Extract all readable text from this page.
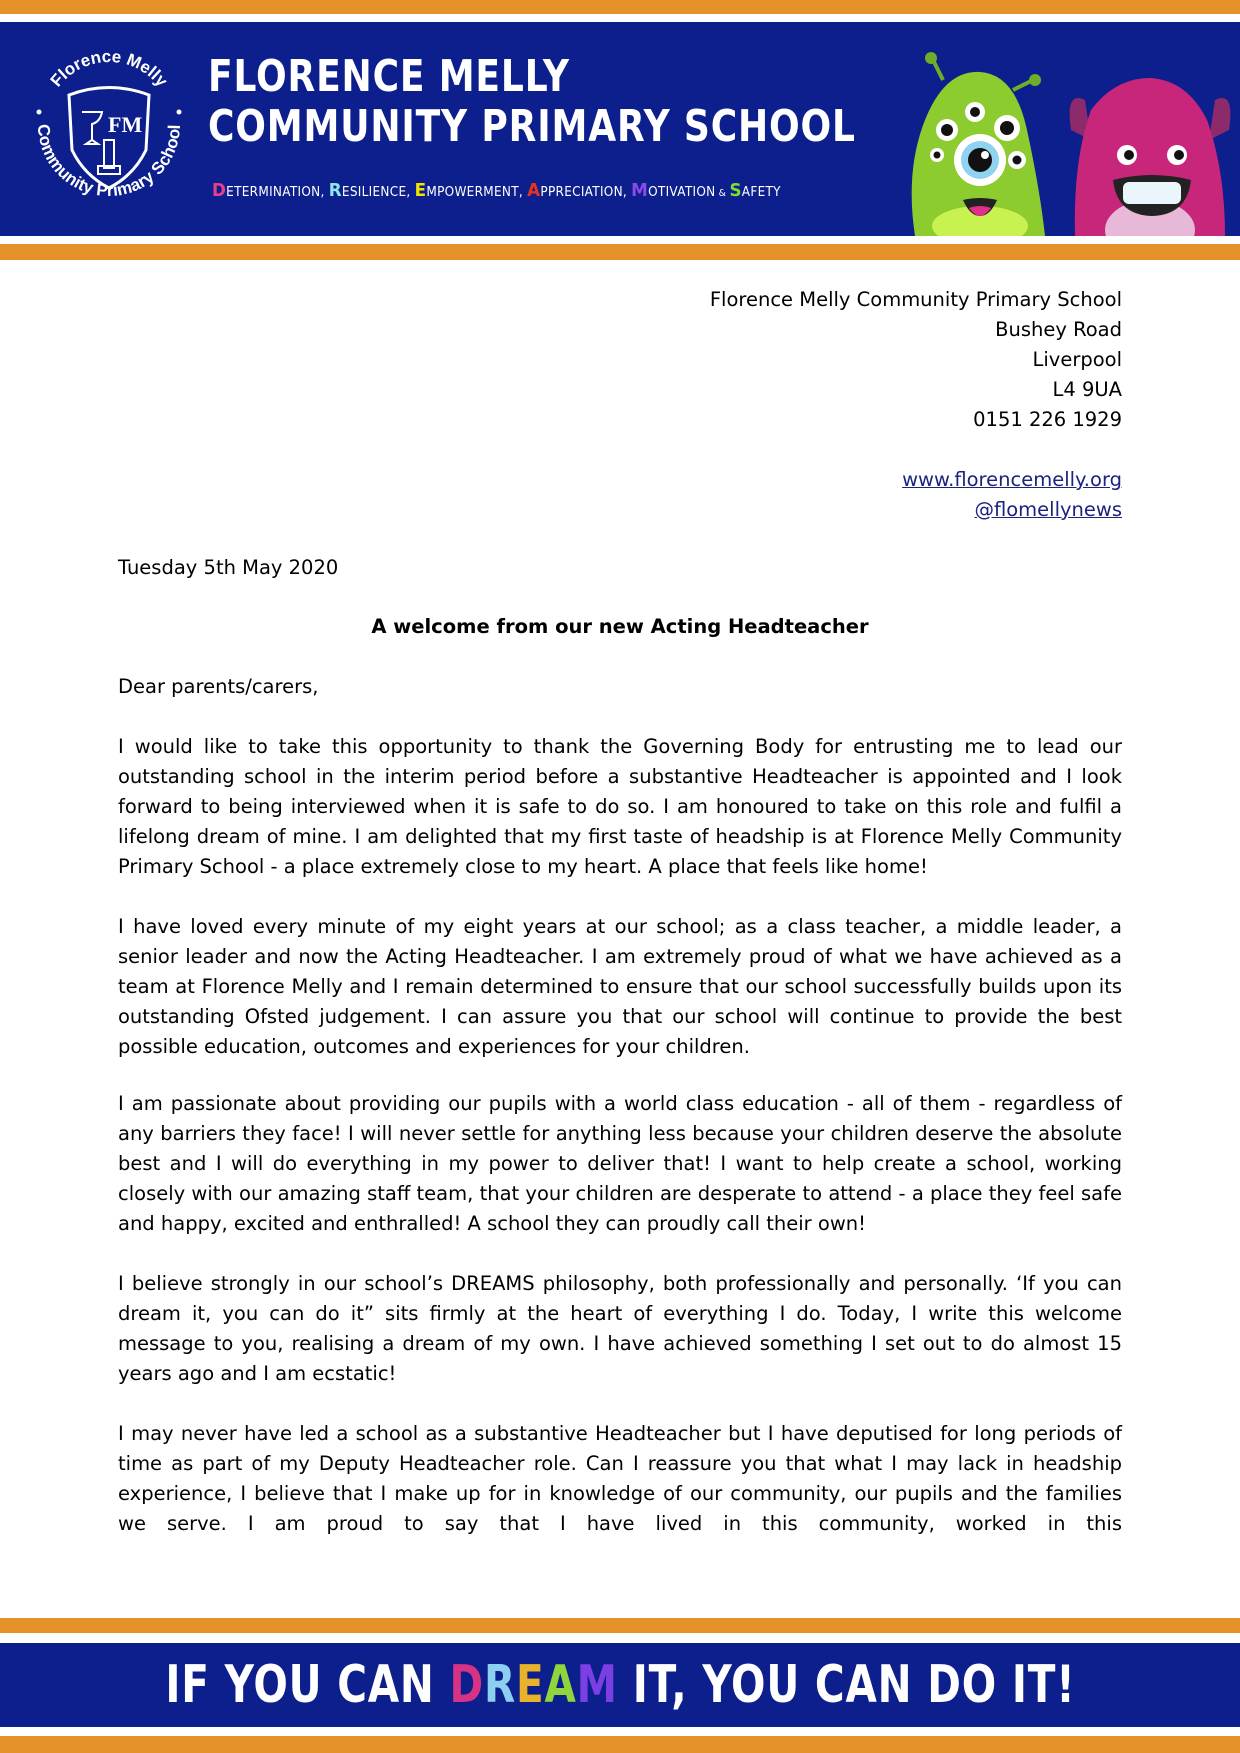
Florence Melly
Community Primary School
FM
FLORENCE MELLY
COMMUNITY PRIMARY SCHOOL
DETERMINATION, RESILIENCE, EMPOWERMENT, APPRECIATION, MOTIVATION & SAFETY
Florence Melly Community Primary School
Bushey Road
Liverpool
L4 9UA
0151 226 1929
www.florencemelly.org
@flomellynews
Tuesday 5th May 2020
A welcome from our new Acting Headteacher
Dear parents/carers,

I would like to take this opportunity to thank the Governing Body for entrusting me to lead our outstanding school in the interim period before a substantive Headteacher is appointed and I look forward to being interviewed when it is safe to do so. I am honoured to take on this role and fulfil a lifelong dream of mine. I am delighted that my first taste of headship is at Florence Melly Community Primary School - a place extremely close to my heart. A place that feels like home!

I have loved every minute of my eight years at our school; as a class teacher, a middle leader, a senior leader and now the Acting Headteacher. I am extremely proud of what we have achieved as a team at Florence Melly and I remain determined to ensure that our school successfully builds upon its outstanding Ofsted judgement. I can assure you that our school will continue to provide the best possible education, outcomes and experiences for your children.

I am passionate about providing our pupils with a world class education - all of them - regardless of any barriers they face! I will never settle for anything less because your children deserve the absolute best and I will do everything in my power to deliver that! I want to help create a school, working closely with our amazing staff team, that your children are desperate to attend - a place they feel safe and happy, excited and enthralled! A school they can proudly call their own!

I believe strongly in our school’s DREAMS philosophy, both professionally and personally. ‘If you can dream it, you can do it” sits firmly at the heart of everything I do. Today, I write this welcome message to you, realising a dream of my own. I have achieved something I set out to do almost 15 years ago and I am ecstatic!

I may never have led a school as a substantive Headteacher but I have deputised for long periods of time as part of my Deputy Headteacher role. Can I reassure you that what I may lack in headship experience, I believe that I make up for in knowledge of our community, our pupils and the families we serve. I am proud to say that I have lived in this community, worked in this

IF YOU CAN DREAM IT, YOU CAN DO IT!
